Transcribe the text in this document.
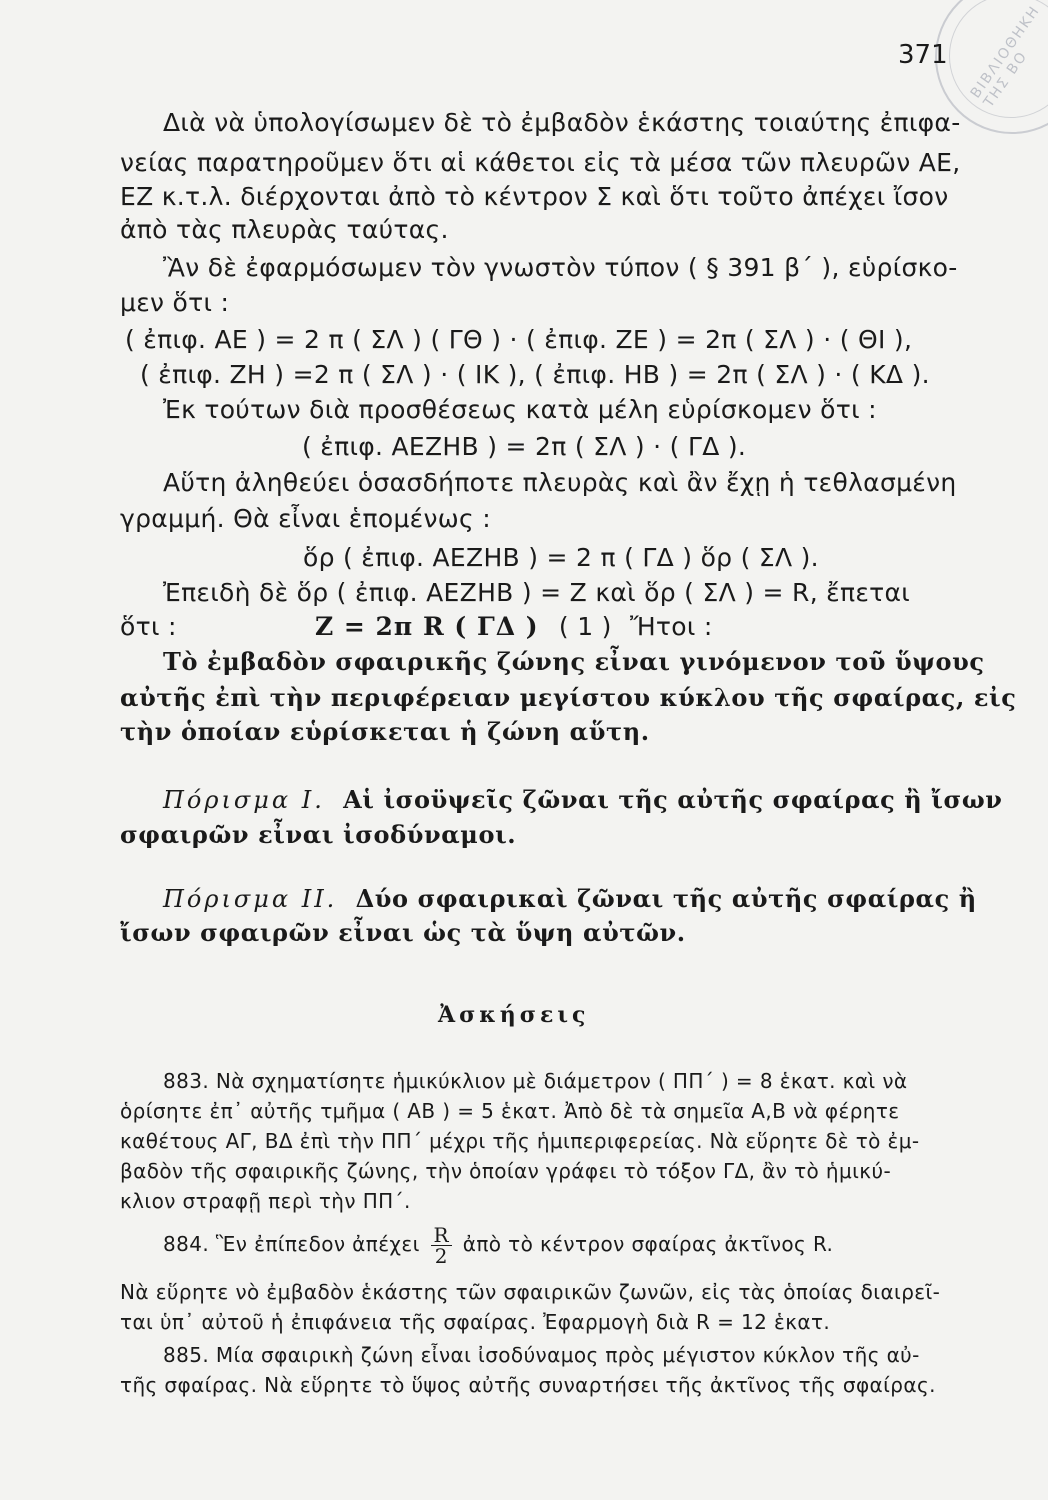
ΒΙΒΛΙΟΘΗΚΗ ΤΗΣ ΒΟ
371
Διὰ νὰ ὑπολογίσωμεν δὲ τὸ ἐμβαδὸν ἑκάστης τοιαύτης ἐπιφα-
νείας παρατηροῦμεν ὅτι αἱ κάθετοι εἰς τὰ μέσα τῶν πλευρῶν ΑΕ,
ΕΖ κ.τ.λ. διέρχονται ἀπὸ τὸ κέντρον Σ καὶ ὅτι τοῦτο ἀπέχει ἴσον
ἀπὸ τὰς πλευρὰς ταύτας.
Ἂν δὲ ἐφαρμόσωμεν τὸν γνωστὸν τύπον ( § 391 β΄ ), εὑρίσκο-
μεν ὅτι :
( ἐπιφ. ΑΕ ) = 2 π ( ΣΛ ) ( ΓΘ ) · ( ἐπιφ. ΖΕ ) = 2π ( ΣΛ ) · ( ΘΙ ),
( ἐπιφ. ΖΗ ) =2 π ( ΣΛ ) · ( ΙΚ ), ( ἐπιφ. ΗΒ ) = 2π ( ΣΛ ) · ( ΚΔ ).
Ἐκ τούτων διὰ προσθέσεως κατὰ μέλη εὑρίσκομεν ὅτι :
( ἐπιφ. ΑΕΖΗΒ ) = 2π ( ΣΛ ) · ( ΓΔ ).
Αὕτη ἀληθεύει ὁσασδήποτε πλευρὰς καὶ ἂν ἔχῃ ἡ τεθλασμένη
γραμμή. Θὰ εἶναι ἑπομένως :
ὅρ ( ἐπιφ. ΑΕΖΗΒ ) = 2 π ( ΓΔ ) ὅρ ( ΣΛ ).
Ἐπειδὴ δὲ ὅρ ( ἐπιφ. ΑΕΖΗΒ ) = Ζ καὶ ὅρ ( ΣΛ ) = R, ἔπεται
ὅτι :	Ζ = 2π R ( ΓΔ ) ( 1 ) Ἤτοι :
Τὸ ἐμβαδὸν σφαιρικῆς ζώνης εἶναι γινόμενον τοῦ ὕψους
αὐτῆς ἐπὶ τὴν περιφέρειαν μεγίστου κύκλου τῆς σφαίρας, εἰς
τὴν ὁποίαν εὑρίσκεται ἡ ζώνη αὕτη.
Πόρισμα Ι. Αἱ ἰσοϋψεῖς ζῶναι τῆς αὐτῆς σφαίρας ἢ ἴσων
σφαιρῶν εἶναι ἰσοδύναμοι.
Πόρισμα ΙΙ. Δύο σφαιρικαὶ ζῶναι τῆς αὐτῆς σφαίρας ἢ
ἴσων σφαιρῶν εἶναι ὡς τὰ ὕψη αὐτῶν.
Ἀσκήσεις
883. Νὰ σχηματίσητε ἡμικύκλιον μὲ διάμετρον ( ΠΠ΄ ) = 8 ἑκατ. καὶ νὰ
ὁρίσητε ἐπ᾿ αὐτῆς τμῆμα ( ΑΒ ) = 5 ἑκατ. Ἀπὸ δὲ τὰ σημεῖα Α,Β νὰ φέρητε
καθέτους ΑΓ, ΒΔ ἐπὶ τὴν ΠΠ΄ μέχρι τῆς ἡμιπεριφερείας. Νὰ εὕρητε δὲ τὸ ἐμ-
βαδὸν τῆς σφαιρικῆς ζώνης, τὴν ὁποίαν γράφει τὸ τόξον ΓΔ, ἂν τὸ ἡμικύ-
κλιον στραφῇ περὶ τὴν ΠΠ΄.
884. Ἓν ἐπίπεδον ἀπέχει $\frac{R}{2}$ ἀπὸ τὸ κέντρον σφαίρας ἀκτῖνος R.
Νὰ εὕρητε νὸ ἐμβαδὸν ἑκάστης τῶν σφαιρικῶν ζωνῶν, εἰς τὰς ὁποίας διαιρεῖ-
ται ὑπ᾿ αὐτοῦ ἡ ἐπιφάνεια τῆς σφαίρας. Ἐφαρμογὴ διὰ R = 12 ἑκατ.
885. Μία σφαιρικὴ ζώνη εἶναι ἰσοδύναμος πρὸς μέγιστον κύκλον τῆς αὐ-
τῆς σφαίρας. Νὰ εὕρητε τὸ ὕψος αὐτῆς συναρτήσει τῆς ἀκτῖνος τῆς σφαίρας.
